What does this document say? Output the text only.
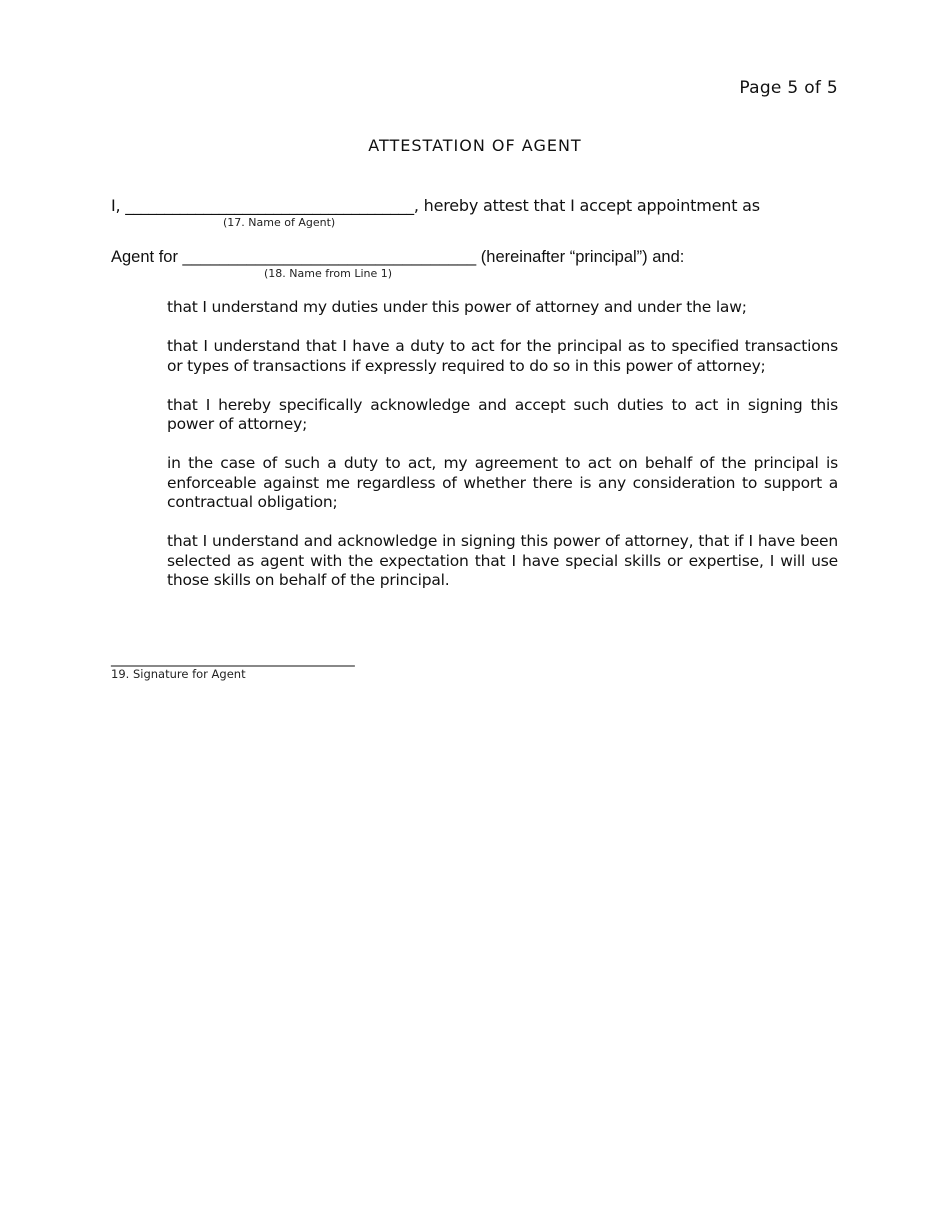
Page 5 of 5
ATTESTATION OF AGENT
I, _____________________________________, hereby attest that I accept appointment as
(17. Name of Agent)
Agent for ________________________________ (hereinafter “principal”) and:
(18. Name from Line 1)

that I understand my duties under this power of attorney and under the law;

that I understand that I have a duty to act for the principal as to specified transactions or types of transactions if expressly required to do so in this power of attorney;

that I hereby specifically acknowledge and accept such duties to act in signing this power of attorney;

in the case of such a duty to act, my agreement to act on behalf of the principal is enforceable against me regardless of whether there is any consideration to support a contractual obligation;

that I understand and acknowledge in signing this power of attorney, that if I have been selected as agent with the expectation that I have special skills or expertise, I will use those skills on behalf of the principal.

______________________________________
19. Signature for Agent
